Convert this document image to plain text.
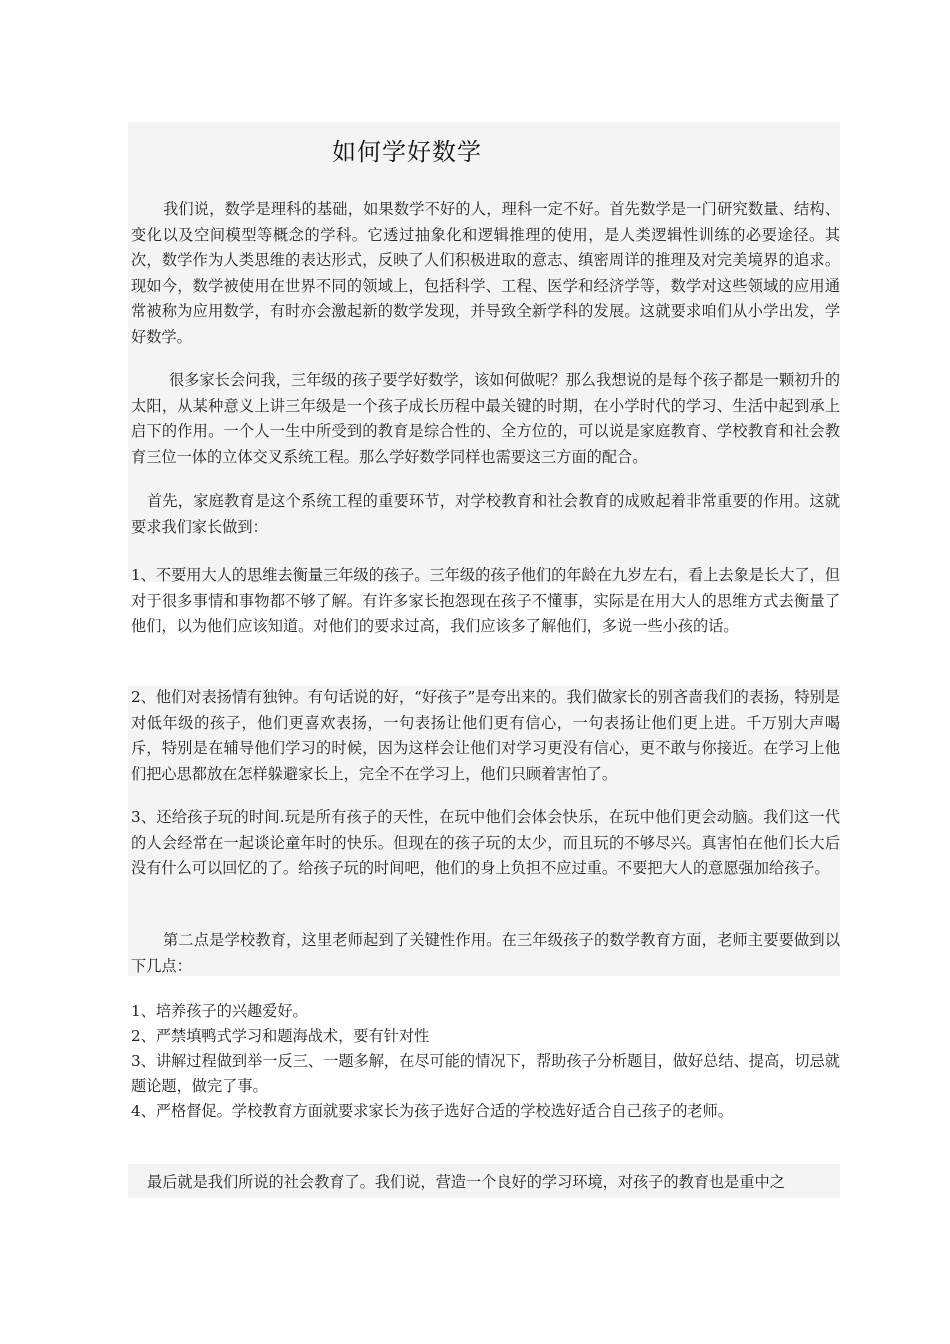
如何学好数学
我们说，数学是理科的基础，如果数学不好的人，理科一定不好。首先数学是一门研究数量、结构、变化以及空间模型等概念的学科。它透过抽象化和逻辑推理的使用，是人类逻辑性训练的必要途径。其次，数学作为人类思维的表达形式，反映了人们积极进取的意志、缜密周详的推理及对完美境界的追求。现如今，数学被使用在世界不同的领域上，包括科学、工程、医学和经济学等，数学对这些领域的应用通常被称为应用数学，有时亦会激起新的数学发现，并导致全新学科的发展。这就要求咱们从小学出发，学好数学。
很多家长会问我，三年级的孩子要学好数学，该如何做呢？那么我想说的是每个孩子都是一颗初升的太阳，从某种意义上讲三年级是一个孩子成长历程中最关键的时期，在小学时代的学习、生活中起到承上启下的作用。一个人一生中所受到的教育是综合性的、全方位的，可以说是家庭教育、学校教育和社会教育三位一体的立体交叉系统工程。那么学好数学同样也需要这三方面的配合。
首先，家庭教育是这个系统工程的重要环节，对学校教育和社会教育的成败起着非常重要的作用。这就要求我们家长做到：
1、不要用大人的思维去衡量三年级的孩子。三年级的孩子他们的年龄在九岁左右，看上去象是长大了，但对于很多事情和事物都不够了解。有许多家长抱怨现在孩子不懂事，实际是在用大人的思维方式去衡量了他们，以为他们应该知道。对他们的要求过高，我们应该多了解他们，多说一些小孩的话。
2、他们对表扬情有独钟。有句话说的好，“好孩子”是夸出来的。我们做家长的别吝啬我们的表扬，特别是对低年级的孩子，他们更喜欢表扬，一句表扬让他们更有信心，一句表扬让他们更上进。千万别大声喝斥，特别是在辅导他们学习的时候，因为这样会让他们对学习更没有信心，更不敢与你接近。在学习上他们把心思都放在怎样躲避家长上，完全不在学习上，他们只顾着害怕了。
3、还给孩子玩的时间.玩是所有孩子的天性，在玩中他们会体会快乐，在玩中他们更会动脑。我们这一代的人会经常在一起谈论童年时的快乐。但现在的孩子玩的太少，而且玩的不够尽兴。真害怕在他们长大后没有什么可以回忆的了。给孩子玩的时间吧，他们的身上负担不应过重。不要把大人的意愿强加给孩子。
第二点是学校教育，这里老师起到了关键性作用。在三年级孩子的数学教育方面，老师主要要做到以下几点：
1、培养孩子的兴趣爱好。
2、严禁填鸭式学习和题海战术，要有针对性
3、讲解过程做到举一反三、一题多解，在尽可能的情况下，帮助孩子分析题目，做好总结、提高，切忌就题论题，做完了事。
4、严格督促。学校教育方面就要求家长为孩子选好合适的学校选好适合自己孩子的老师。
最后就是我们所说的社会教育了。我们说，营造一个良好的学习环境，对孩子的教育也是重中之
